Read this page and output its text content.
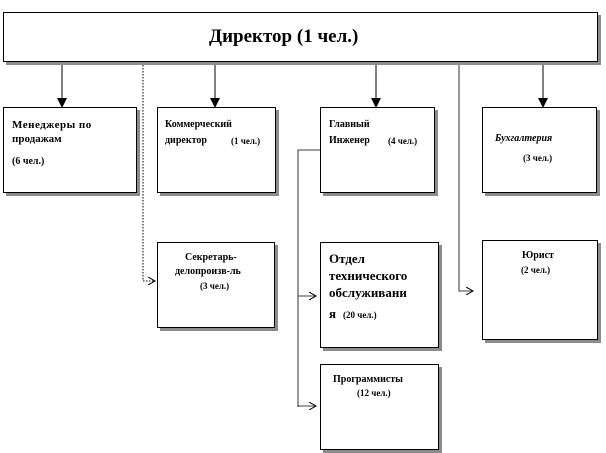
Директор (1 чел.)
Менеджеры по
продажам
(6 чел.)
Коммерческий
директор	(1 чел.)
Главный
Инженер (4 чел.)	Бухгалтерия
(3 чел.)
Секретарь-
делопроизв-ль
(3 чел.)
Отдел
технического
обслуживани
я (20 чел.)
Юрист
(2 чел.)
Программисты
(12 чел.)
